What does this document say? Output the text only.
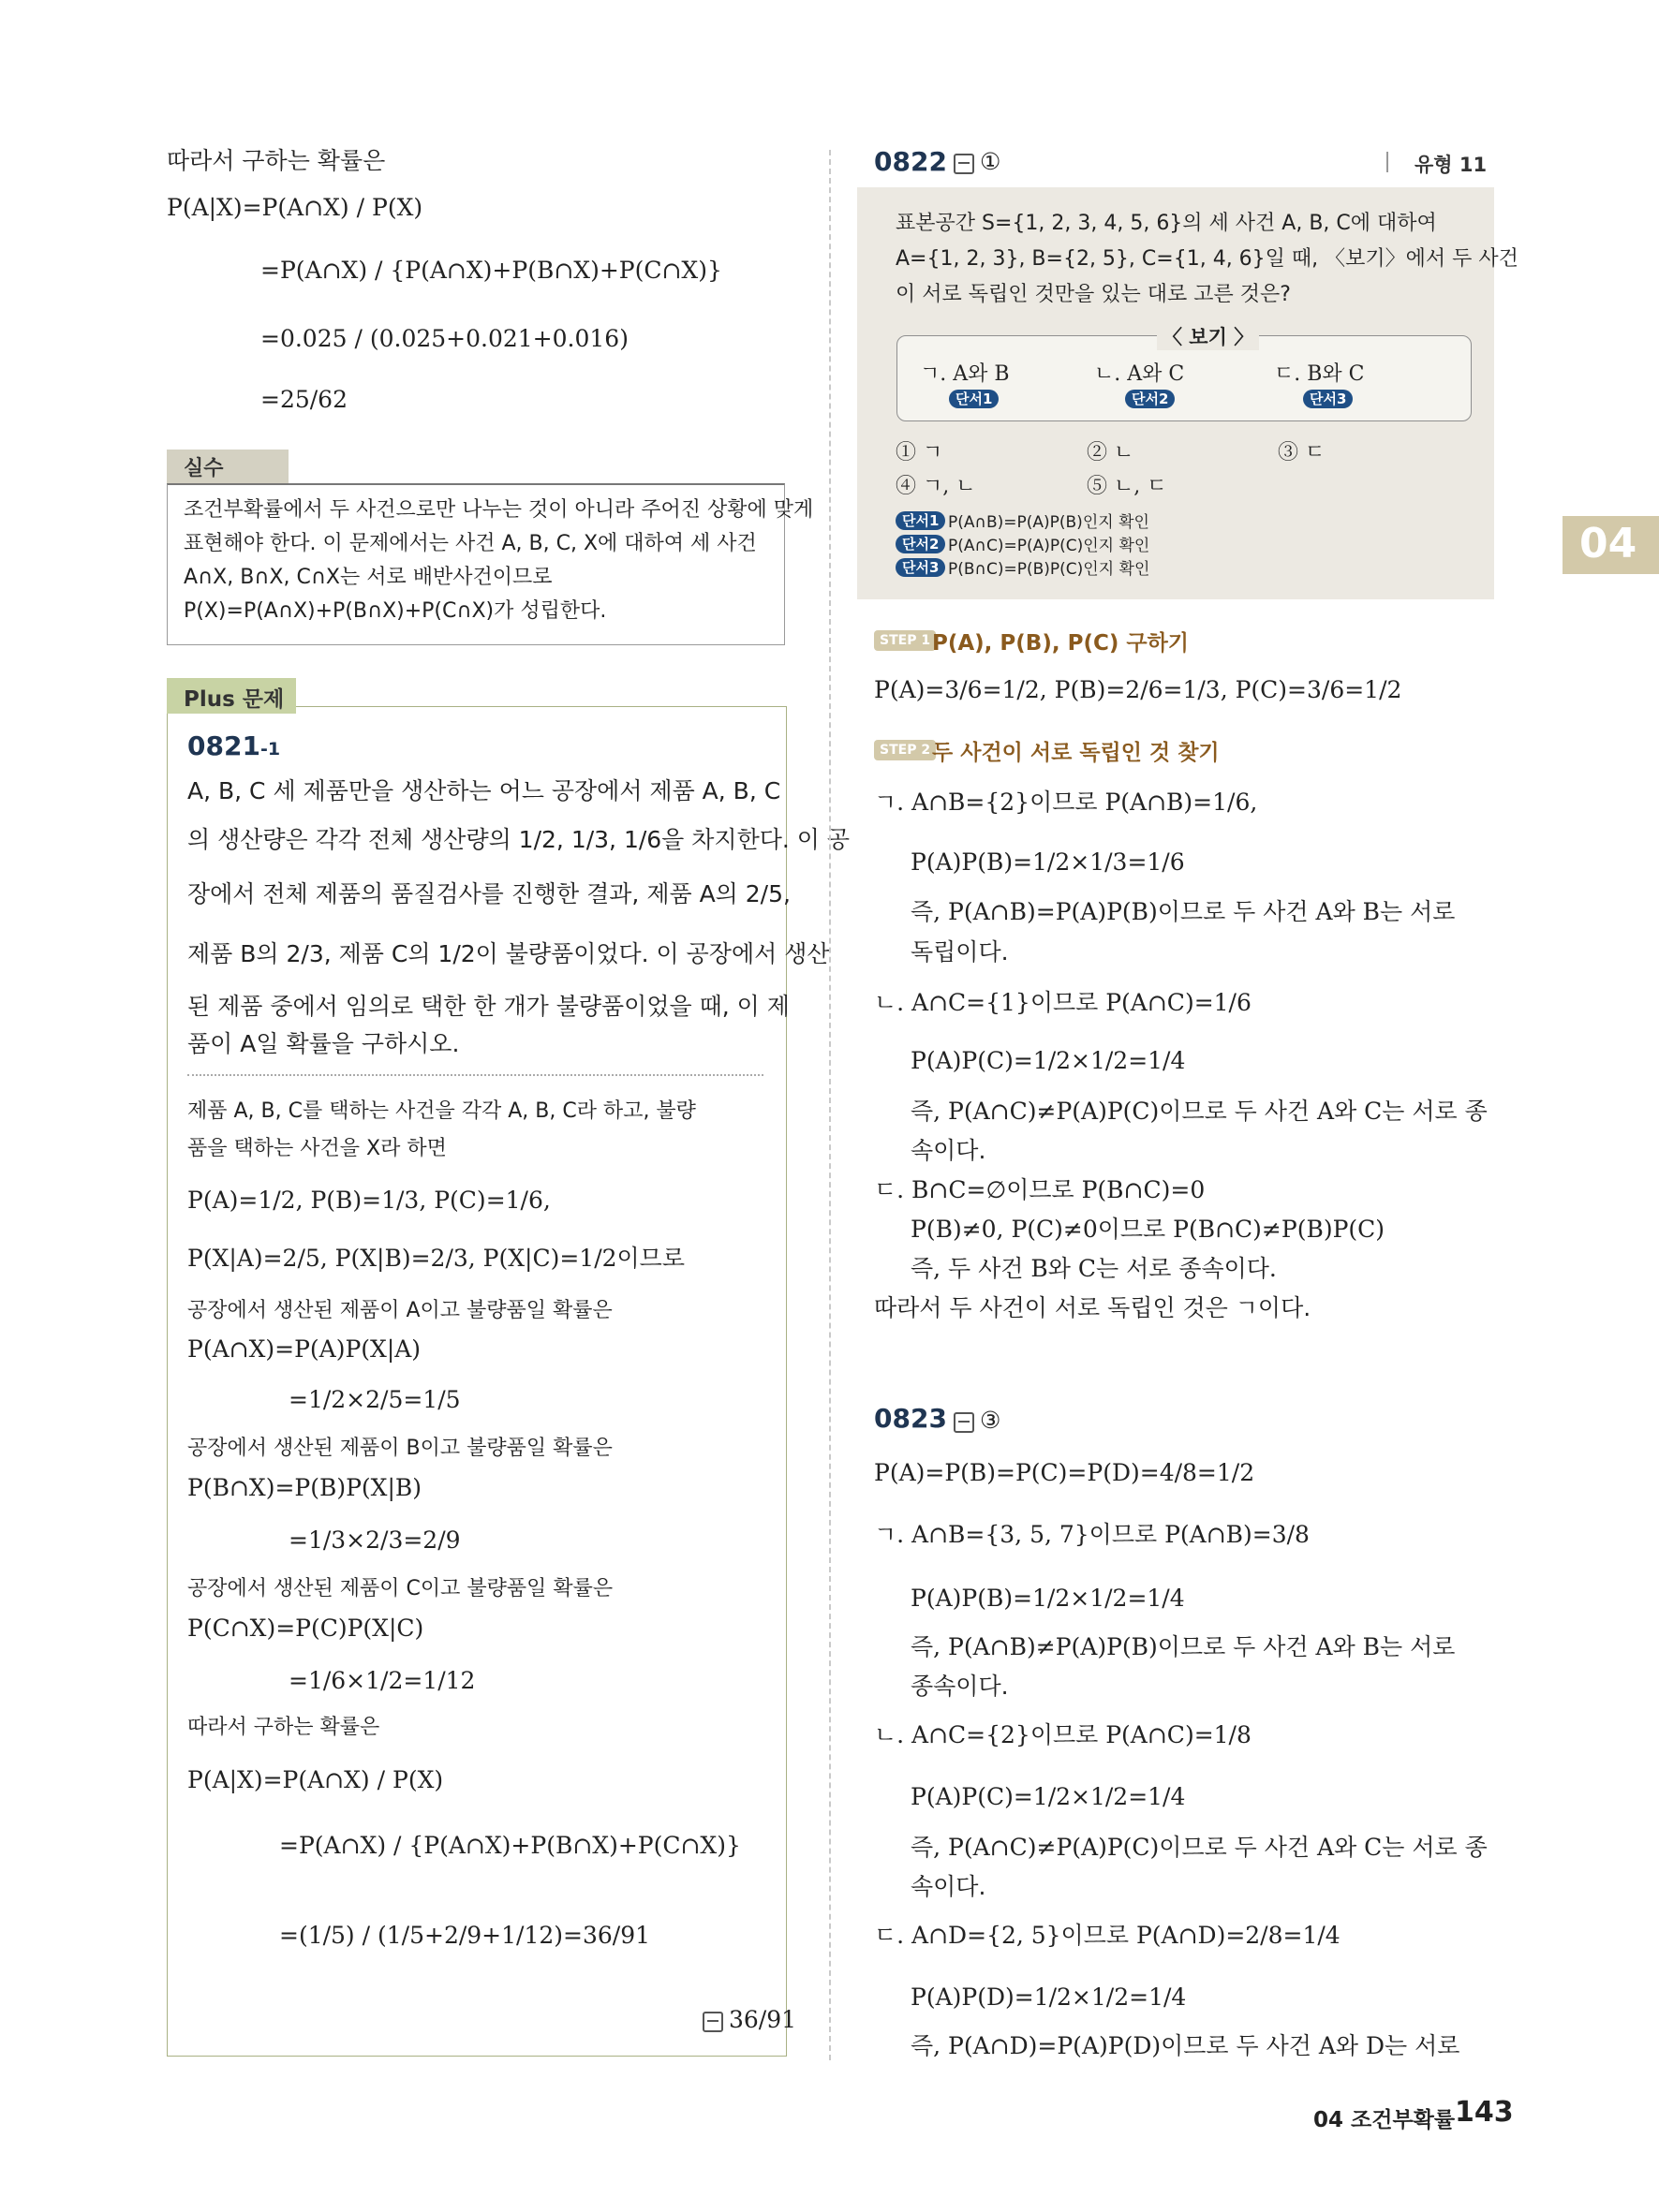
따라서 구하는 확률은
P(A|X)=P(A∩X) / P(X)
=P(A∩X) / {P(A∩X)+P(B∩X)+P(C∩X)}
=0.025 / (0.025+0.021+0.016)
=25/62
실수
조건부확률에서 두 사건으로만 나누는 것이 아니라 주어진 상황에 맞게
표현해야 한다. 이 문제에서는 사건 A, B, C, X에 대하여 세 사건
A∩X, B∩X, C∩X는 서로 배반사건이므로
P(X)=P(A∩X)+P(B∩X)+P(C∩X)가 성립한다.
Plus 문제
0821-1
A, B, C 세 제품만을 생산하는 어느 공장에서 제품 A, B, C
의 생산량은 각각 전체 생산량의 1/2, 1/3, 1/6을 차지한다. 이 공
장에서 전체 제품의 품질검사를 진행한 결과, 제품 A의 2/5,
제품 B의 2/3, 제품 C의 1/2이 불량품이었다. 이 공장에서 생산
된 제품 중에서 임의로 택한 한 개가 불량품이었을 때, 이 제
품이 A일 확률을 구하시오.
제품 A, B, C를 택하는 사건을 각각 A, B, C라 하고, 불량
품을 택하는 사건을 X라 하면
P(A)=1/2, P(B)=1/3, P(C)=1/6,
P(X|A)=2/5, P(X|B)=2/3, P(X|C)=1/2이므로
공장에서 생산된 제품이 A이고 불량품일 확률은
P(A∩X)=P(A)P(X|A)
=1/2×2/5=1/5
공장에서 생산된 제품이 B이고 불량품일 확률은
P(B∩X)=P(B)P(X|B)
=1/3×2/3=2/9
공장에서 생산된 제품이 C이고 불량품일 확률은
P(C∩X)=P(C)P(X|C)
=1/6×1/2=1/12
따라서 구하는 확률은
P(A|X)=P(A∩X) / P(X)
=P(A∩X) / {P(A∩X)+P(B∩X)+P(C∩X)}
=(1/5) / (1/5+2/9+1/12)=36/91
36/91
0822	①	유형 11
표본공간 S={1, 2, 3, 4, 5, 6}의 세 사건 A, B, C에 대하여
A={1, 2, 3}, B={2, 5}, C={1, 4, 6}일 때, 〈보기〉에서 두 사건
이 서로 독립인 것만을 있는 대로 고른 것은?
〈 보기 〉
ㄱ. A와 B	ㄴ. A와 C	ㄷ. B와 C
단서1	단서2	단서3
① ㄱ	② ㄴ	③ ㄷ
④ ㄱ, ㄴ	⑤ ㄴ, ㄷ
단서1 P(A∩B)=P(A)P(B)인지 확인
단서2 P(A∩C)=P(A)P(C)인지 확인
단서3 P(B∩C)=P(B)P(C)인지 확인
04
STEP 1 P(A), P(B), P(C) 구하기
P(A)=3/6=1/2, P(B)=2/6=1/3, P(C)=3/6=1/2
STEP 2 두 사건이 서로 독립인 것 찾기
ㄱ. A∩B={2}이므로 P(A∩B)=1/6,
P(A)P(B)=1/2×1/3=1/6
즉, P(A∩B)=P(A)P(B)이므로 두 사건 A와 B는 서로
독립이다.
ㄴ. A∩C={1}이므로 P(A∩C)=1/6
P(A)P(C)=1/2×1/2=1/4
즉, P(A∩C)≠P(A)P(C)이므로 두 사건 A와 C는 서로 종
속이다.
ㄷ. B∩C=∅이므로 P(B∩C)=0
P(B)≠0, P(C)≠0이므로 P(B∩C)≠P(B)P(C)
즉, 두 사건 B와 C는 서로 종속이다.
따라서 두 사건이 서로 독립인 것은 ㄱ이다.
0823	③
P(A)=P(B)=P(C)=P(D)=4/8=1/2
ㄱ. A∩B={3, 5, 7}이므로 P(A∩B)=3/8
P(A)P(B)=1/2×1/2=1/4
즉, P(A∩B)≠P(A)P(B)이므로 두 사건 A와 B는 서로
종속이다.
ㄴ. A∩C={2}이므로 P(A∩C)=1/8
P(A)P(C)=1/2×1/2=1/4
즉, P(A∩C)≠P(A)P(C)이므로 두 사건 A와 C는 서로 종
속이다.
ㄷ. A∩D={2, 5}이므로 P(A∩D)=2/8=1/4
P(A)P(D)=1/2×1/2=1/4
즉, P(A∩D)=P(A)P(D)이므로 두 사건 A와 D는 서로
04 조건부확률 143
